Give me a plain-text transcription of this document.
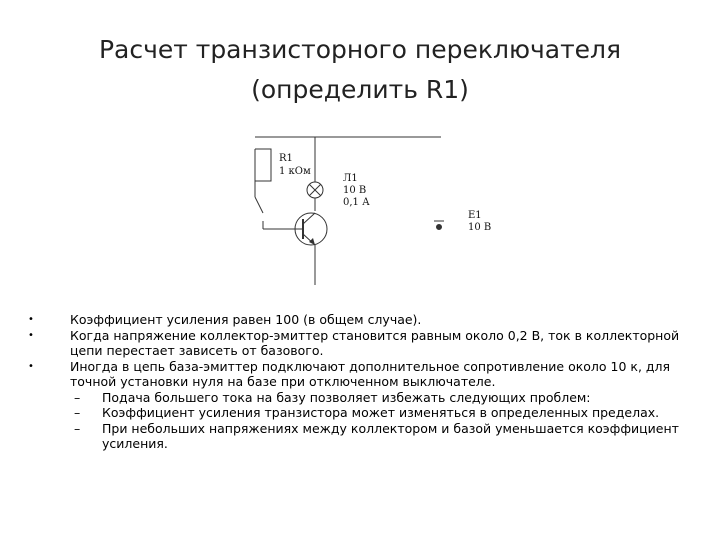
Расчет транзисторного переключателя
(определить R1)
R1
1 кОм
Л1
10 В
0,1 А
E1
10 В
• Коэффициент усиления равен 100 (в общем случае).
• Когда напряжение коллектор-эмиттер становится равным около 0,2 В, ток в коллекторной цепи перестает зависеть от базового.
• Иногда в цепь база-эмиттер подключают дополнительное сопротивление около 10 к, для точной установки нуля на базе при отключенном выключателе.
– Подача большего тока на базу позволяет избежать следующих проблем:
– Коэффициент усиления транзистора может изменяться в определенных пределах.
– При небольших напряжениях между коллектором и базой уменьшается коэффициент усиления.
